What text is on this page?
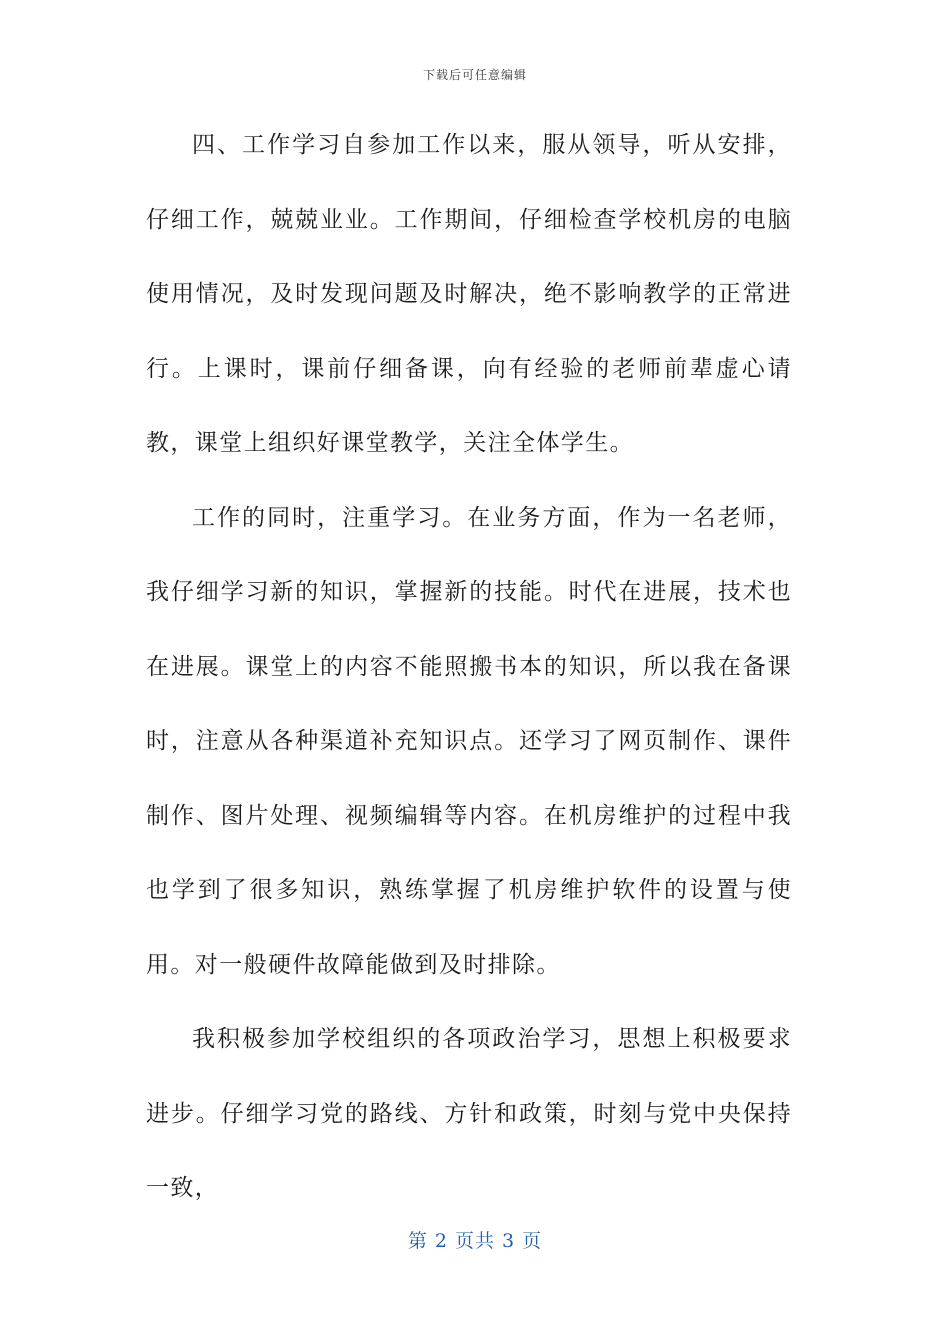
下载后可任意编辑

四、工作学习自参加工作以来，服从领导，听从安排，仔细工作，兢兢业业。工作期间，仔细检查学校机房的电脑使用情况，及时发现问题及时解决，绝不影响教学的正常进行。上课时，课前仔细备课，向有经验的老师前辈虚心请教，课堂上组织好课堂教学，关注全体学生。

工作的同时，注重学习。在业务方面，作为一名老师，我仔细学习新的知识，掌握新的技能。时代在进展，技术也在进展。课堂上的内容不能照搬书本的知识，所以我在备课时，注意从各种渠道补充知识点。还学习了网页制作、课件制作、图片处理、视频编辑等内容。在机房维护的过程中我也学到了很多知识，熟练掌握了机房维护软件的设置与使用。对一般硬件故障能做到及时排除。

我积极参加学校组织的各项政治学习，思想上积极要求进步。仔细学习党的路线、方针和政策，时刻与党中央保持一致，

第 2 页共 3 页
